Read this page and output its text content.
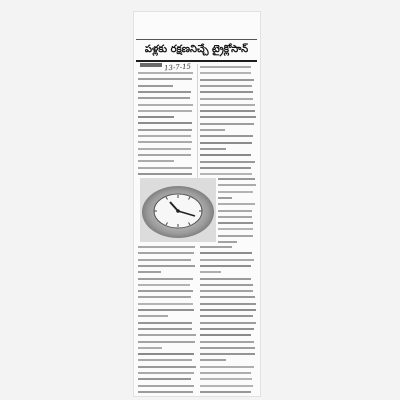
పళ్లకు రక్షణనిచ్చే ట్రైక్లోసాన్
13-7-15
